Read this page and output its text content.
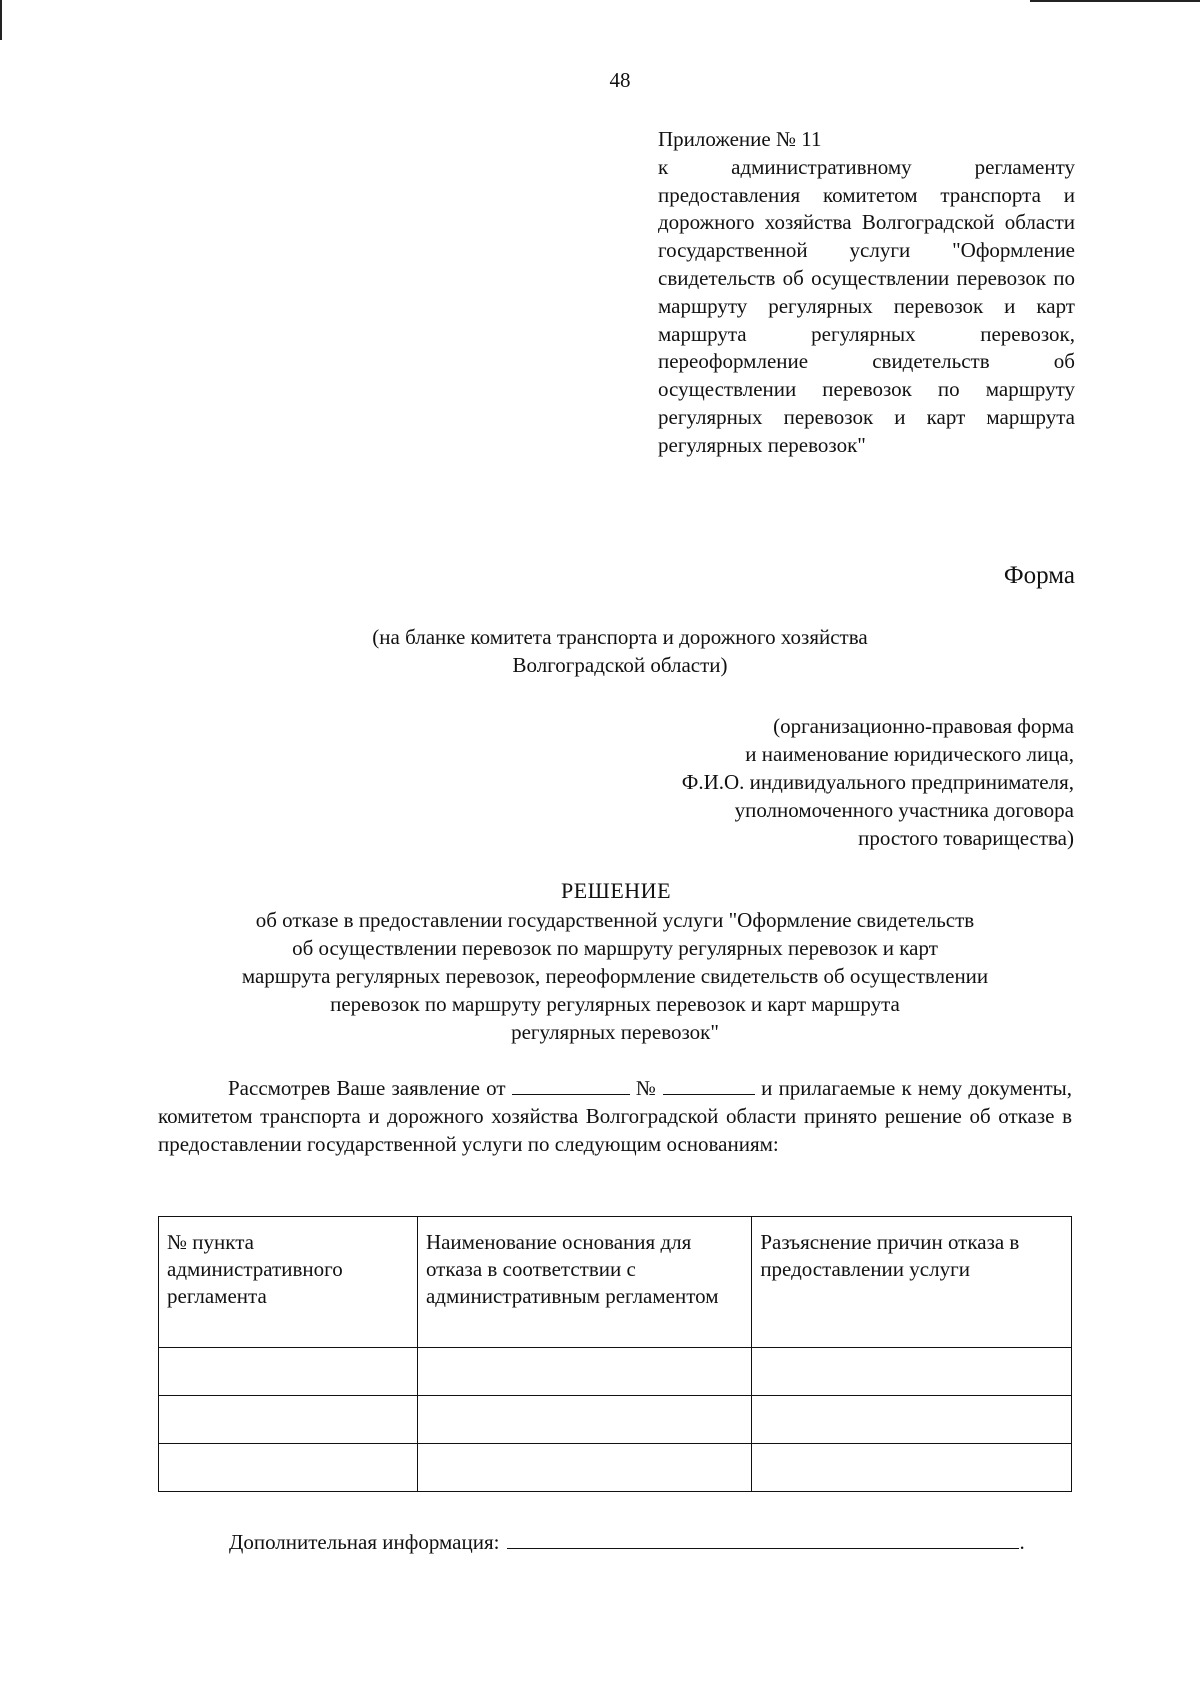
48
Приложение № 11
к административному регламенту предоставления комитетом транспорта и дорожного хозяйства Волгоградской области государственной услуги "Оформление свидетельств об осуществлении перевозок по маршруту регулярных перевозок и карт маршрута регулярных перевозок, переоформление свидетельств об осуществлении перевозок по маршруту регулярных перевозок и карт маршрута регулярных перевозок"
Форма
(на бланке комитета транспорта и дорожного хозяйства
Волгоградской области)
(организационно-правовая форма
и наименование юридического лица,
Ф.И.О. индивидуального предпринимателя,
уполномоченного участника договора
простого товарищества)
РЕШЕНИЕ
об отказе в предоставлении государственной услуги "Оформление свидетельств
об осуществлении перевозок по маршруту регулярных перевозок и карт
маршрута регулярных перевозок, переоформление свидетельств об осуществлении
перевозок по маршруту регулярных перевозок и карт маршрута
регулярных перевозок"
Рассмотрев Ваше заявление от	№	и прилагаемые к нему документы, комитетом транспорта и дорожного хозяйства Волгоградской области принято решение об отказе в предоставлении государственной услуги по следующим основаниям:
№ пункта административного регламента	Наименование основания для отказа в соответствии с административным регламентом	Разъяснение причин отказа в предоставлении услуги

Дополнительная информация:	.
